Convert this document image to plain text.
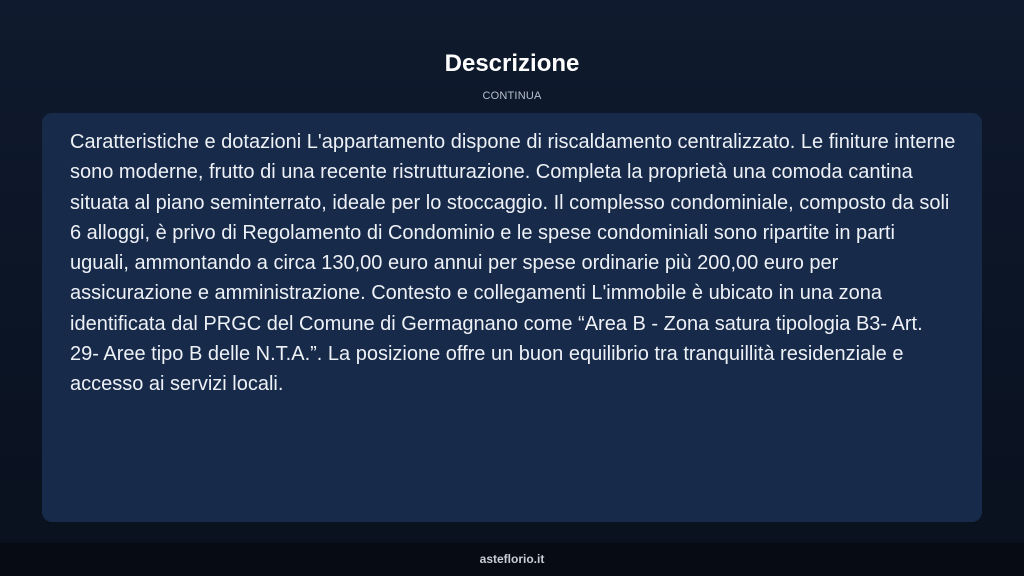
Descrizione
CONTINUA

Caratteristiche e dotazioni L'appartamento dispone di riscaldamento centralizzato. Le finiture interne sono moderne, frutto di una recente ristrutturazione. Completa la proprietà una comoda cantina situata al piano seminterrato, ideale per lo stoccaggio. Il complesso condominiale, composto da soli 6 alloggi, è privo di Regolamento di Condominio e le spese condominiali sono ripartite in parti uguali, ammontando a circa 130,00 euro annui per spese ordinarie più 200,00 euro per assicurazione e amministrazione. Contesto e collegamenti L'immobile è ubicato in una zona identificata dal PRGC del Comune di Germagnano come “Area B - Zona satura tipologia B3- Art. 29- Aree tipo B delle N.T.A.”. La posizione offre un buon equilibrio tra tranquillità residenziale e accesso ai servizi locali.

asteflorio.it
